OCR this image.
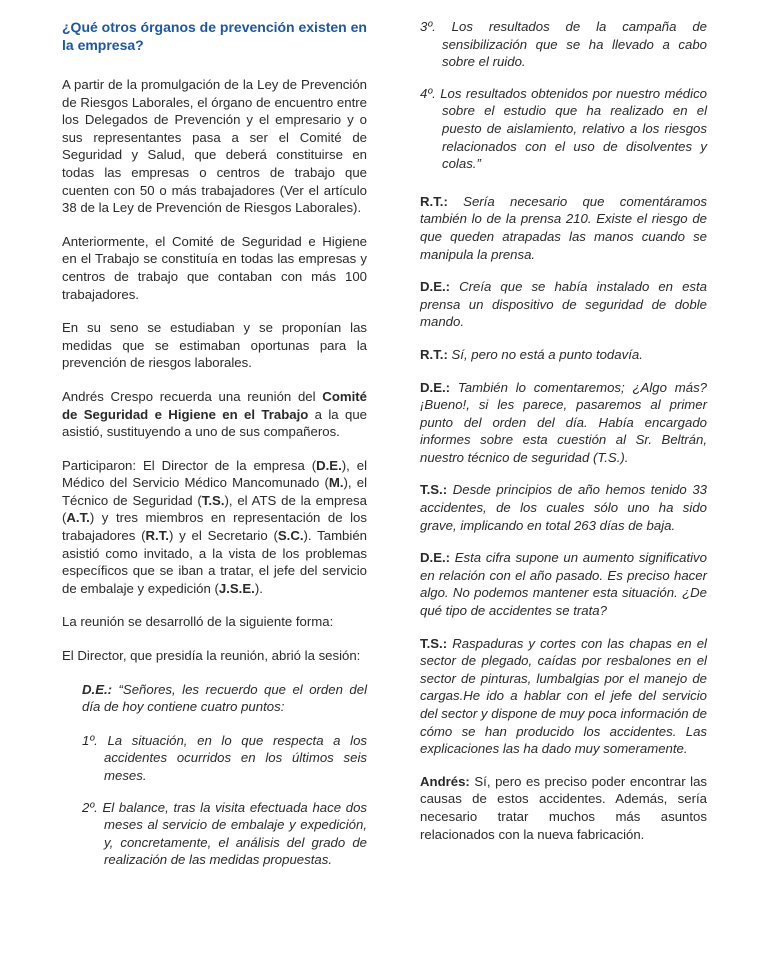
¿Qué otros órganos de prevención existen en la empresa?

A partir de la promulgación de la Ley de Prevención de Riesgos Laborales, el órgano de encuentro entre los Delegados de Prevención y el empresario y o sus representantes pasa a ser el Comité de Seguridad y Salud, que deberá constituirse en todas las empresas o centros de trabajo que cuenten con 50 o más trabajadores (Ver el artículo 38 de la Ley de Prevención de Riesgos Laborales).

Anteriormente, el Comité de Seguridad e Higiene en el Trabajo se constituía en todas las empresas y centros de trabajo que contaban con más 100 trabajadores.

En su seno se estudiaban y se proponían las medidas que se estimaban oportunas para la prevención de riesgos laborales.

Andrés Crespo recuerda una reunión del Comité de Seguridad e Higiene en el Trabajo a la que asistió, sustituyendo a uno de sus compañeros.

Participaron: El Director de la empresa (D.E.), el Médico del Servicio Médico Mancomunado (M.), el Técnico de Seguridad (T.S.), el ATS de la empresa (A.T.) y tres miembros en representación de los trabajadores (R.T.) y el Secretario (S.C.). También asistió como invitado, a la vista de los problemas específicos que se iban a tratar, el jefe del servicio de embalaje y expedición (J.S.E.).

La reunión se desarrolló de la siguiente forma:

El Director, que presidía la reunión, abrió la sesión:

D.E.: “Señores, les recuerdo que el orden del día de hoy contiene cuatro puntos:

1º. La situación, en lo que respecta a los accidentes ocurridos en los últimos seis meses.

2º. El balance, tras la visita efectuada hace dos meses al servicio de embalaje y expedición, y, concretamente, el análisis del grado de realización de las medidas propuestas.

3º. Los resultados de la campaña de sensibilización que se ha llevado a cabo sobre el ruido.

4º. Los resultados obtenidos por nuestro médico sobre el estudio que ha realizado en el puesto de aislamiento, relativo a los riesgos relacionados con el uso de disolventes y colas.”

R.T.: Sería necesario que comentáramos también lo de la prensa 210. Existe el riesgo de que queden atrapadas las manos cuando se manipula la prensa.

D.E.: Creía que se había instalado en esta prensa un dispositivo de seguridad de doble mando.

R.T.: Sí, pero no está a punto todavía.

D.E.: También lo comentaremos; ¿Algo más? ¡Bueno!, si les parece, pasaremos al primer punto del orden del día. Había encargado informes sobre esta cuestión al Sr. Beltrán, nuestro técnico de seguridad (T.S.).

T.S.: Desde principios de año hemos tenido 33 accidentes, de los cuales sólo uno ha sido grave, implicando en total 263 días de baja.

D.E.: Esta cifra supone un aumento significativo en relación con el año pasado. Es preciso hacer algo. No podemos mantener esta situación. ¿De qué tipo de accidentes se trata?

T.S.: Raspaduras y cortes con las chapas en el sector de plegado, caídas por resbalones en el sector de pinturas, lumbalgias por el manejo de cargas.He ido a hablar con el jefe del servicio del sector y dispone de muy poca información de cómo se han producido los accidentes. Las explicaciones las ha dado muy someramente.

Andrés: Sí, pero es preciso poder encontrar las causas de estos accidentes. Además, sería necesario tratar muchos más asuntos relacionados con la nueva fabricación.
